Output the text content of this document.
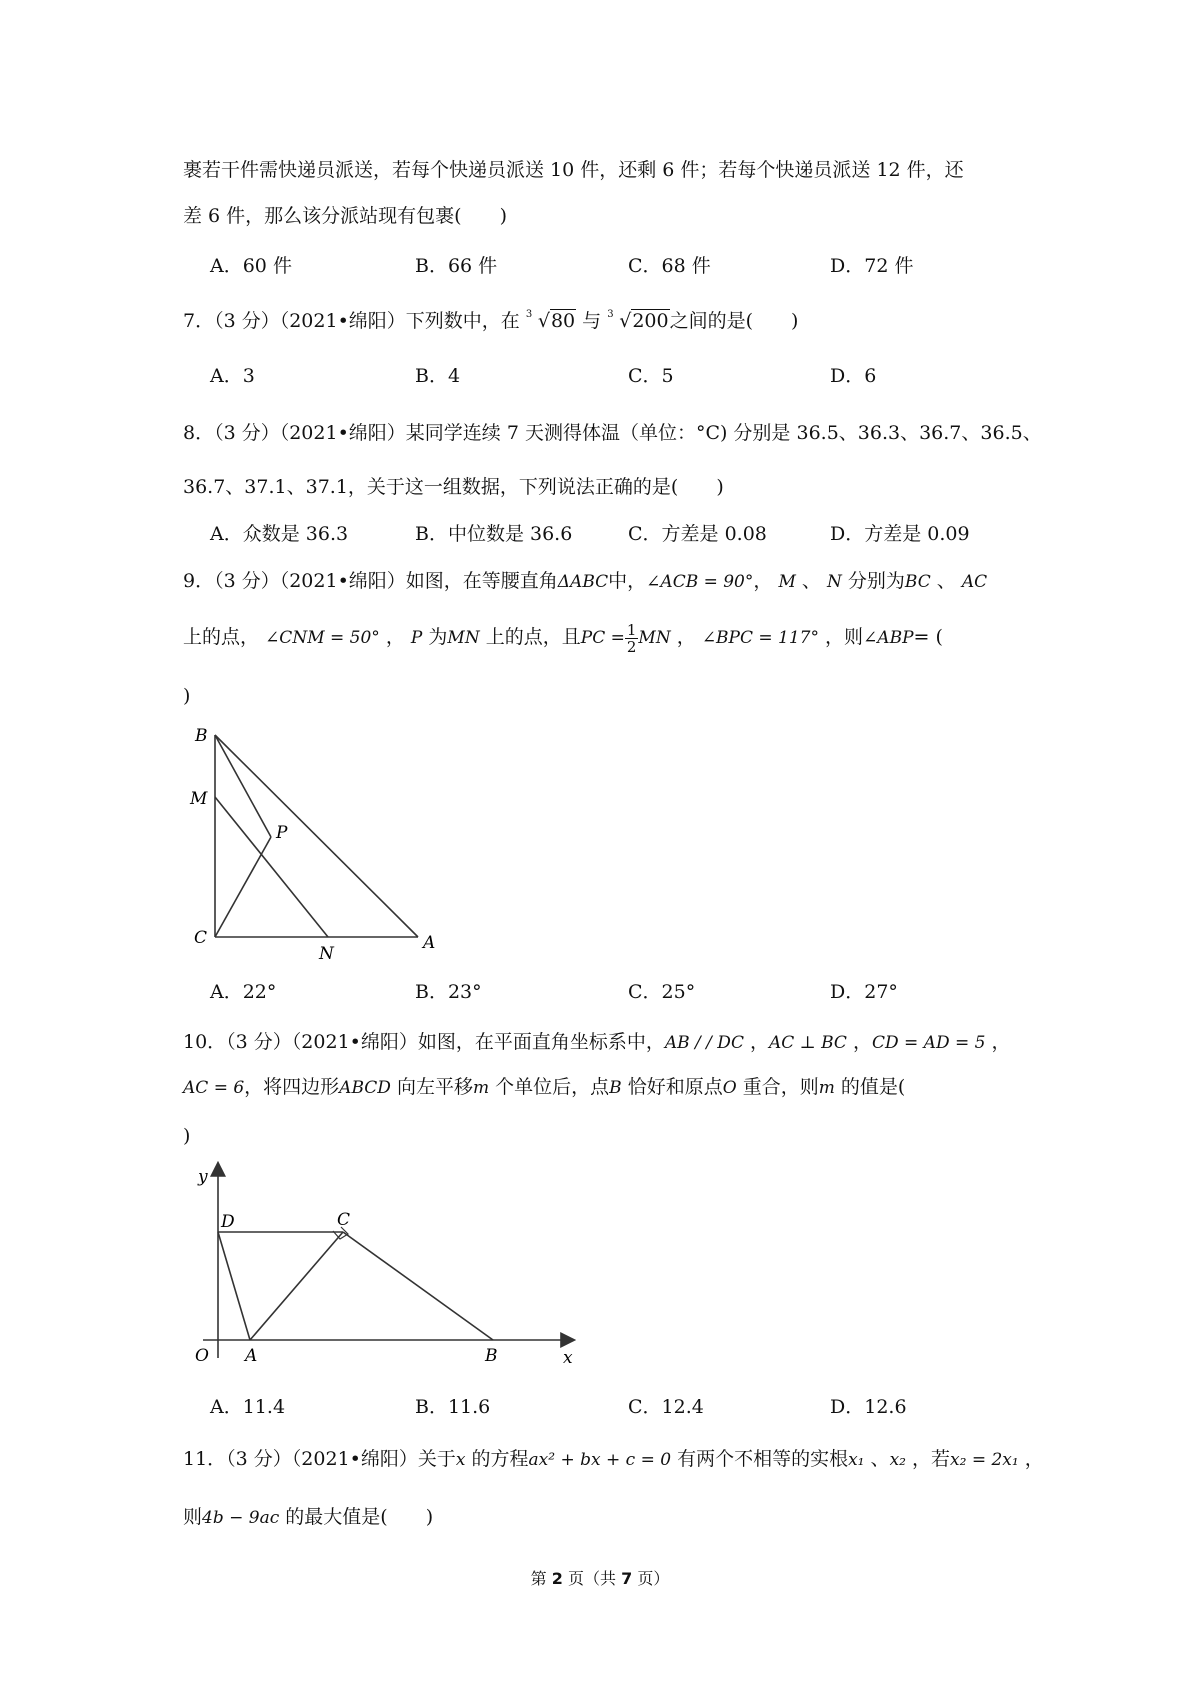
裹若干件需快递员派送，若每个快递员派送 10 件，还剩 6 件；若每个快递员派送 12 件，还
差 6 件，那么该分派站现有包裹(　　)
A．60 件	B．66 件	C．68 件	D．72 件
7．（3 分）（2021•绵阳）下列数中，在 3 √80 与 3 √200之间的是(　　)
A．3	B．4	C．5	D．6
8．（3 分）（2021•绵阳）某同学连续 7 天测得体温（单位：°C) 分别是 36.5、36.3、36.7、36.5、
36.7、37.1、37.1，关于这一组数据，下列说法正确的是(　　)
A．众数是 36.3	B．中位数是 36.6	C．方差是 0.08	D．方差是 0.09
9．（3 分）（2021•绵阳）如图，在等腰直角ΔABC中，∠ACB = 90°， M 、 N 分别为BC 、 AC
上的点， ∠CNM = 50° ， P 为MN 上的点，且PC = $\frac{1}{2}$ MN ， ∠BPC = 117° ，则∠ABP= (
)
B
M
P
C
N
A
A．22°	B．23°	C．25°	D．27°
10．（3 分）（2021•绵阳）如图，在平面直角坐标系中，AB / / DC ，AC ⊥ BC ，CD = AD = 5 ，
AC = 6，将四边形ABCD 向左平移m 个单位后，点B 恰好和原点O 重合，则m 的值是(
)
y
D	C
O A	B	x
A．11.4	B．11.6	C．12.4	D．12.6
11．（3 分）（2021•绵阳）关于x 的方程ax² + bx + c = 0 有两个不相等的实根x₁ 、x₂ ，若x₂ = 2x₁ ，
则4b − 9ac 的最大值是(　　)
第 2 页（共 7 页）
